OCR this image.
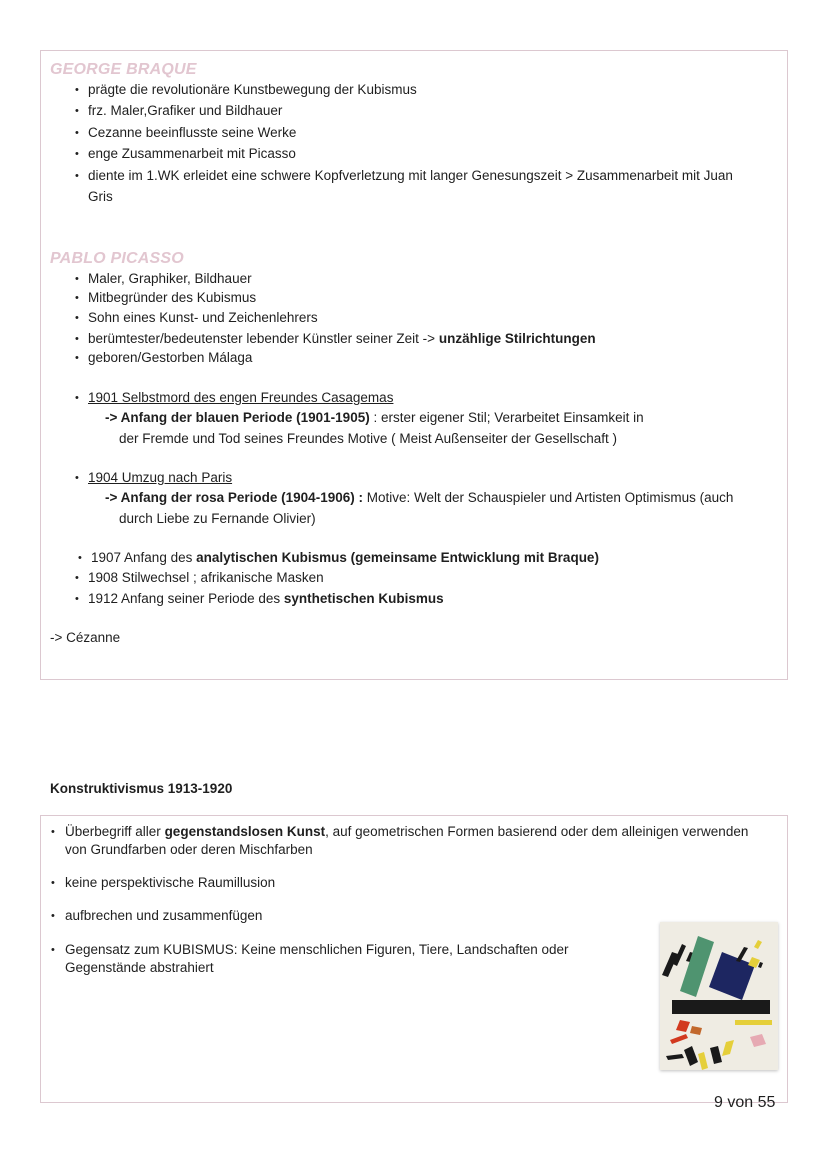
GEORGE BRAQUE
• prägte die revolutionäre Kunstbewegung der Kubismus
• frz. Maler,Grafiker und Bildhauer
• Cezanne beeinflusste seine Werke
• enge Zusammenarbeit mit Picasso
• diente im 1.WK erleidet eine schwere Kopfverletzung mit langer Genesungszeit > Zusammenarbeit mit Juan
Gris
PABLO PICASSO
• Maler, Graphiker, Bildhauer
• Mitbegründer des Kubismus
• Sohn eines Kunst- und Zeichenlehrers
• berümtester/bedeutenster lebender Künstler seiner Zeit -> unzählige Stilrichtungen
• geboren/Gestorben Málaga
• 1901 Selbstmord des engen Freundes Casagemas
-> Anfang der blauen Periode (1901-1905) : erster eigener Stil; Verarbeitet Einsamkeit in
der Fremde und Tod seines Freundes Motive ( Meist Außenseiter der Gesellschaft )
• 1904 Umzug nach Paris
-> Anfang der rosa Periode (1904-1906) : Motive: Welt der Schauspieler und Artisten Optimismus (auch
durch Liebe zu Fernande Olivier)
• 1907 Anfang des analytischen Kubismus (gemeinsame Entwicklung mit Braque)
• 1908 Stilwechsel ; afrikanische Masken
• 1912 Anfang seiner Periode des synthetischen Kubismus
-> Cézanne
Konstruktivismus 1913-1920
• Überbegriff aller gegenstandslosen Kunst, auf geometrischen Formen basierend oder dem alleinigen verwenden
von Grundfarben oder deren Mischfarben
• keine perspektivische Raumillusion
• aufbrechen und zusammenfügen
• Gegensatz zum KUBISMUS: Keine menschlichen Figuren, Tiere, Landschaften oder
Gegenstände abstrahiert
9 von 55
